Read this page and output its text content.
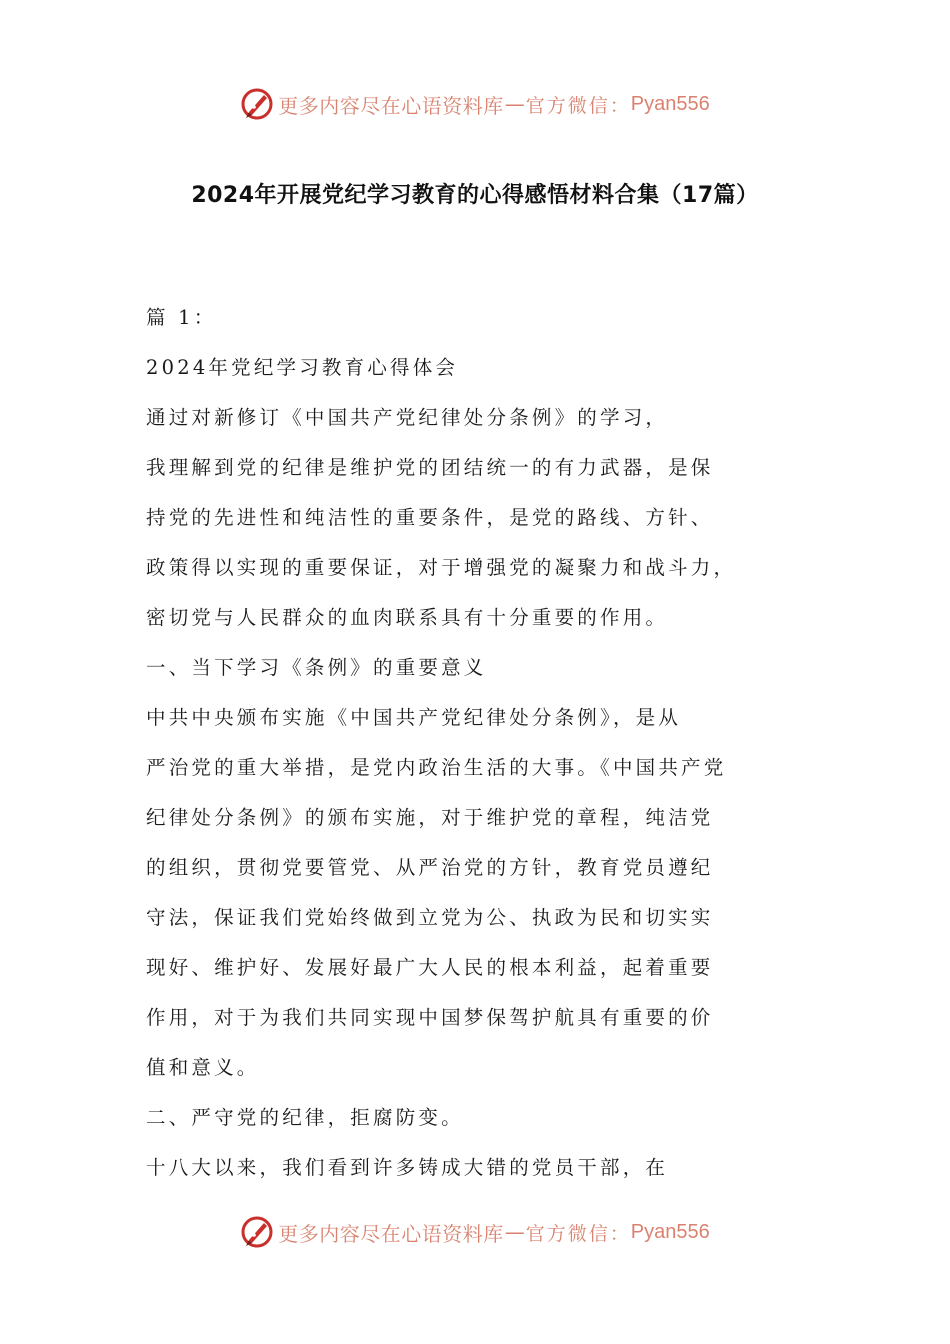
更多内容尽在心语资料库 — 官方微信： Pyan556
2024年开展党纪学习教育的心得感悟材料合集（17篇）
篇 1：
2024年党纪学习教育心得体会
通过对新修订《中国共产党纪律处分条例》的学习，
我理解到党的纪律是维护党的团结统一的有力武器，是保
持党的先进性和纯洁性的重要条件，是党的路线、方针、
政策得以实现的重要保证，对于增强党的凝聚力和战斗力，
密切党与人民群众的血肉联系具有十分重要的作用。
一、当下学习《条例》的重要意义
中共中央颁布实施《中国共产党纪律处分条例》，是从
严治党的重大举措，是党内政治生活的大事。《中国共产党
纪律处分条例》的颁布实施，对于维护党的章程，纯洁党
的组织，贯彻党要管党、从严治党的方针，教育党员遵纪
守法，保证我们党始终做到立党为公、执政为民和切实实
现好、维护好、发展好最广大人民的根本利益，起着重要
作用，对于为我们共同实现中国梦保驾护航具有重要的价
值和意义。
二、严守党的纪律，拒腐防变。
十八大以来，我们看到许多铸成大错的党员干部，在
更多内容尽在心语资料库 — 官方微信： Pyan556
